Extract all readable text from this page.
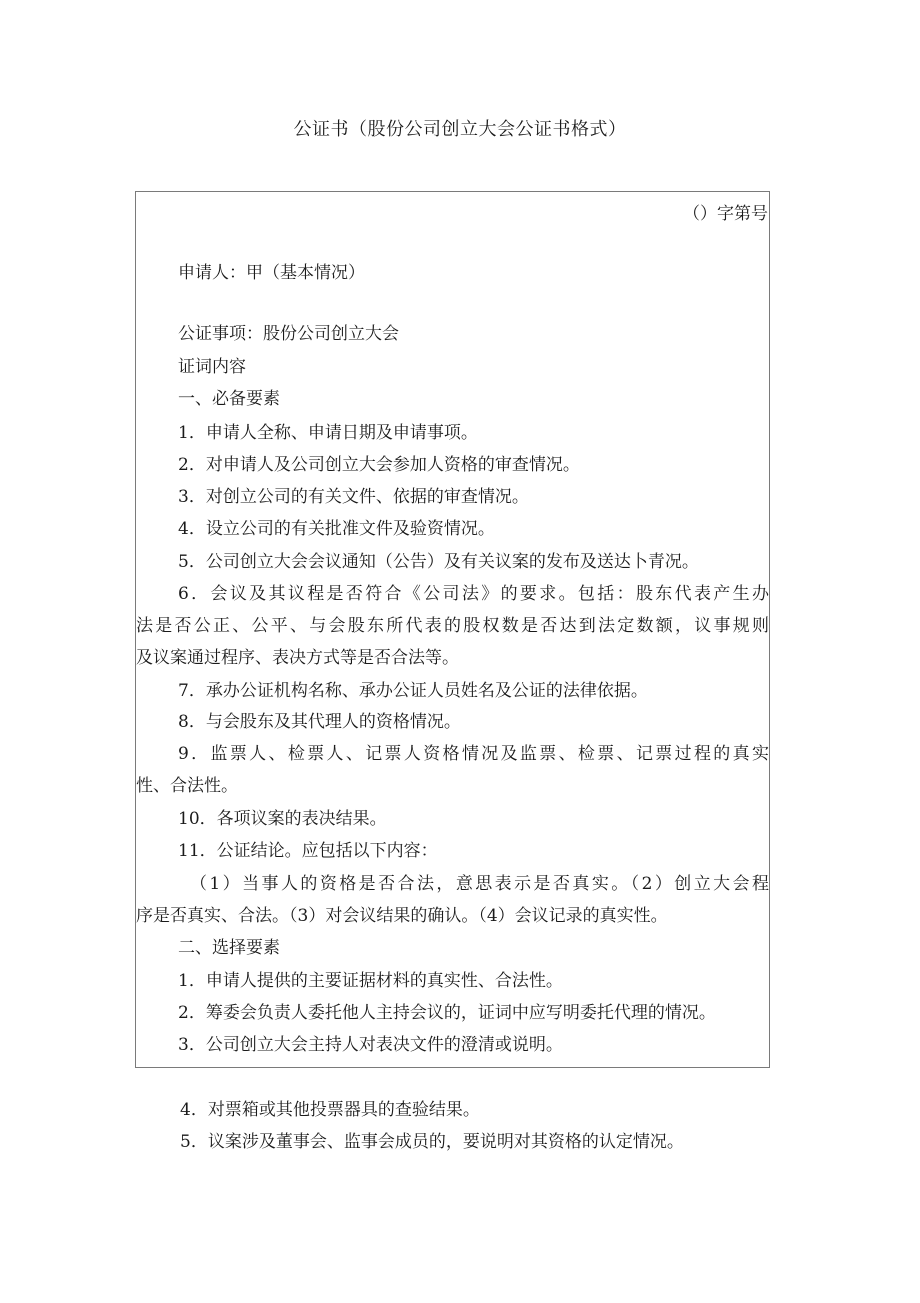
公证书（股份公司创立大会公证书格式）
（）字第号
申请人：甲（基本情况）
公证事项：股份公司创立大会
证词内容
一、必备要素
1．申请人全称、申请日期及申请事项。
2．对申请人及公司创立大会参加人资格的审查情况。
3．对创立公司的有关文件、依据的审查情况。
4．设立公司的有关批准文件及验资情况。
5．公司创立大会会议通知（公告）及有关议案的发布及送达卜青况。
6．会议及其议程是否符合《公司法》的要求。包括：股东代表产生办
法是否公正、公平、与会股东所代表的股权数是否达到法定数额，议事规则
及议案通过程序、表决方式等是否合法等。
7．承办公证机构名称、承办公证人员姓名及公证的法律依据。
8．与会股东及其代理人的资格情况。
9．监票人、检票人、记票人资格情况及监票、检票、记票过程的真实
性、合法性。
10．各项议案的表决结果。
11．公证结论。应包括以下内容：
（1）当事人的资格是否合法，意思表示是否真实。（2）创立大会程
序是否真实、合法。（3）对会议结果的确认。（4）会议记录的真实性。
二、选择要素
1．申请人提供的主要证据材料的真实性、合法性。
2．筹委会负责人委托他人主持会议的，证词中应写明委托代理的情况。
3．公司创立大会主持人对表决文件的澄清或说明。
4．对票箱或其他投票器具的查验结果。
5．议案涉及董事会、监事会成员的，要说明对其资格的认定情况。
